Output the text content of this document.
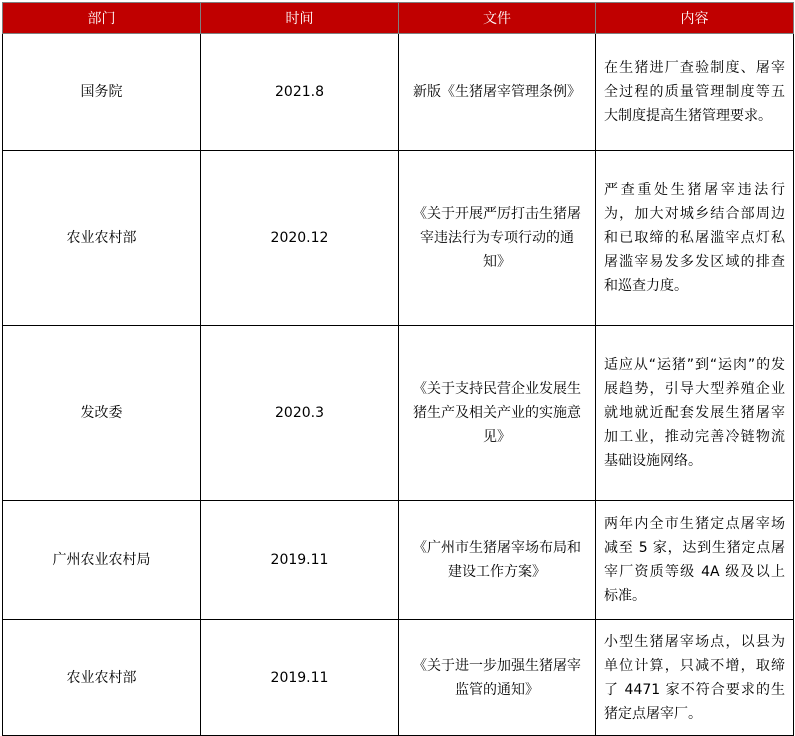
部门	时间	文件	内容
国务院	2021.8	新版《生猪屠宰管理条例》	在生猪进厂查验制度、屠宰全过程的质量管理制度等五大制度提高生猪管理要求。
农业农村部	2020.12	《关于开展严厉打击生猪屠宰违法行为专项行动的通知》	严查重处生猪屠宰违法行为，加大对城乡结合部周边和已取缔的私屠滥宰点灯私屠滥宰易发多发区域的排查和巡查力度。
发改委	2020.3	《关于支持民营企业发展生猪生产及相关产业的实施意见》	适应从“运猪”到“运肉”的发展趋势，引导大型养殖企业就地就近配套发展生猪屠宰加工业，推动完善冷链物流基础设施网络。
广州农业农村局	2019.11	《广州市生猪屠宰场布局和建设工作方案》	两年内全市生猪定点屠宰场减至 5 家，达到生猪定点屠宰厂资质等级 4A 级及以上标准。
农业农村部	2019.11	《关于进一步加强生猪屠宰监管的通知》	小型生猪屠宰场点，以县为单位计算，只减不增，取缔了 4471 家不符合要求的生猪定点屠宰厂。
